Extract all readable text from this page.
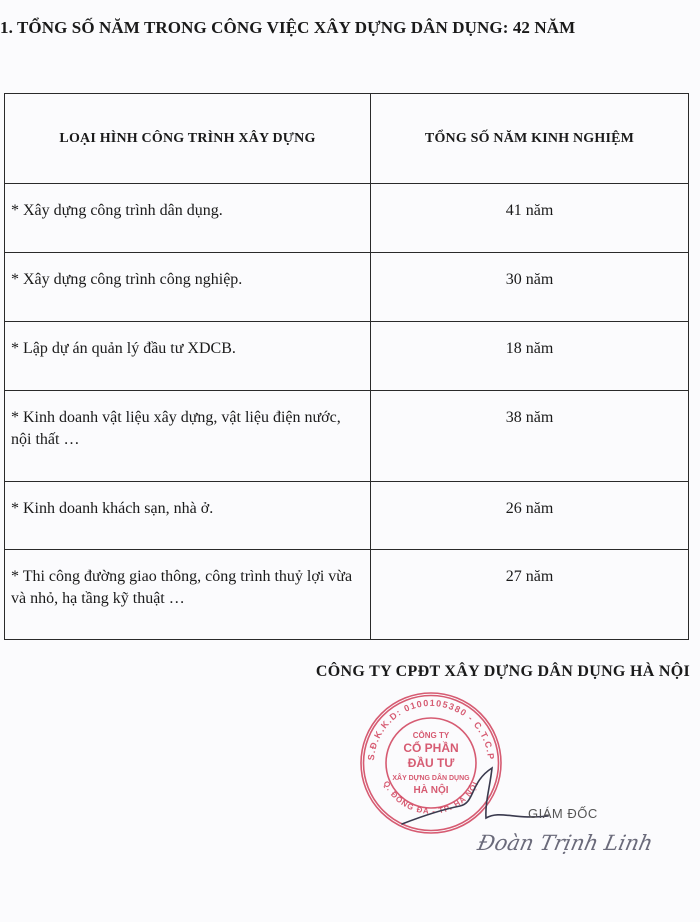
1. TỔNG SỐ NĂM TRONG CÔNG VIỆC XÂY DỰNG DÂN DỤNG: 42 NĂM
LOẠI HÌNH CÔNG TRÌNH XÂY DỰNG	TỔNG SỐ NĂM KINH NGHIỆM
* Xây dựng công trình dân dụng.	41 năm
* Xây dựng công trình công nghiệp.	30 năm
* Lập dự án quản lý đầu tư XDCB.	18 năm
* Kinh doanh vật liệu xây dựng, vật liệu điện nước, nội thất …	38 năm
* Kinh doanh khách sạn, nhà ở.	26 năm
* Thi công đường giao thông, công trình thuỷ lợi vừa và nhỏ, hạ tầng kỹ thuật …	27 năm
CÔNG TY CPĐT XÂY DỰNG DÂN DỤNG HÀ NỘI
S.Đ.K.K.D: 0100105380 - C.T.C.P
Q. ĐỐNG ĐA - TP. HÀ NỘI
CÔNG TY
CỔ PHẦN
ĐẦU TƯ
XÂY DỰNG DÂN DỤNG
HÀ NỘI
GIÁM ĐỐC
Đoàn Trịnh Linh
